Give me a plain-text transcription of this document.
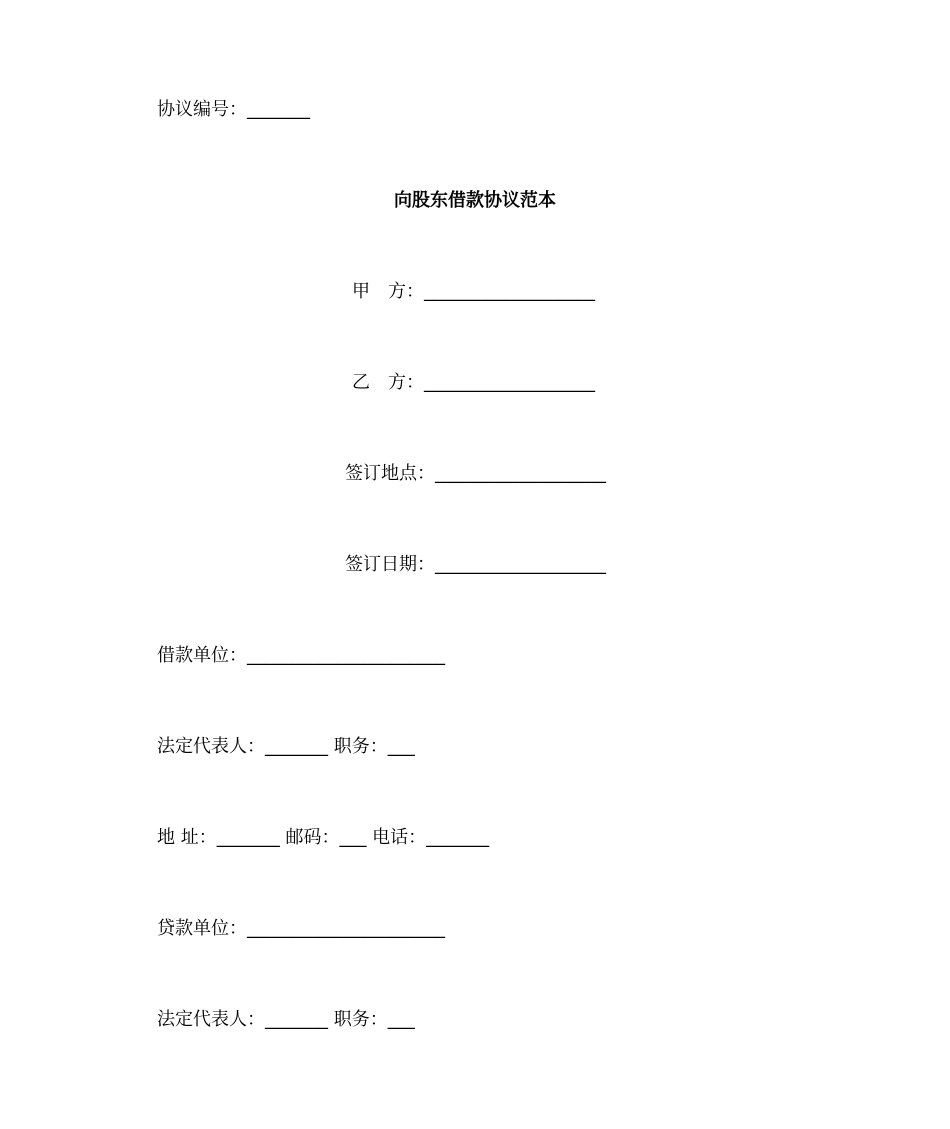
协议编号：_______
向股东借款协议范本
甲　方：___________________
乙　方：___________________
签订地点：___________________
签订日期：___________________
借款单位：______________________
法定代表人：_______ 职务：___
地 址：_______ 邮码：___ 电话：_______
贷款单位：______________________
法定代表人：_______ 职务：___
